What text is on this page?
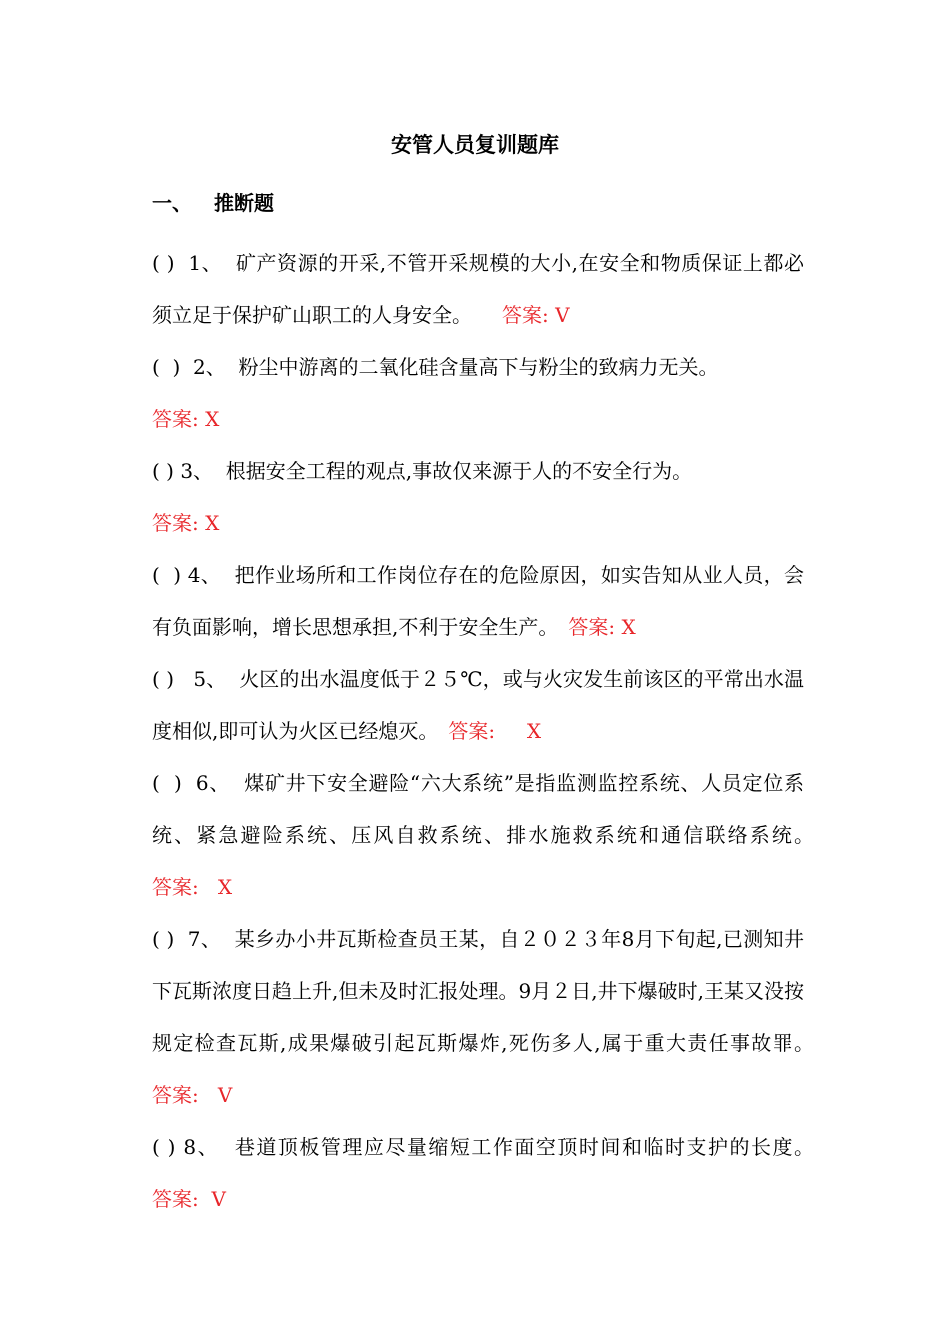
安管人员复训题库
一、 推断题
( )  1、  矿产资源的开采,不管开采规模的大小,在安全和物质保证上都必须立足于保护矿山职工的人身安全。　　 答案: V
(  )  2、  粉尘中游离的二氧化硅含量高下与粉尘的致病力无关。
答案: X
( ) 3、  根据安全工程的观点,事故仅来源于人的不安全行为。
答案: X
(  ) 4、  把作业场所和工作岗位存在的危险原因，如实告知从业人员，会有负面影响，增长思想承担,不利于安全生产。　 答案: X
( )   5、  火区的出水温度低于２５℃，或与火灾发生前该区的平常出水温度相似,即可认为火区已经熄灭。　 答案: X
(  )  6、  煤矿井下安全避险“六大系统”是指监测监控系统、人员定位系统、紧急避险系统、压风自救系统、排水施救系统和通信联络系统。　　答案: X
( )  7、  某乡办小井瓦斯检查员王某，自２０２３年8月下旬起,已测知井下瓦斯浓度日趋上升,但未及时汇报处理。9月２日,井下爆破时,王某又没按规定检查瓦斯,成果爆破引起瓦斯爆炸,死伤多人,属于重大责任事故罪。　答案: V
( ) 8、  巷道顶板管理应尽量缩短工作面空顶时间和临时支护的长度。　答案: V
